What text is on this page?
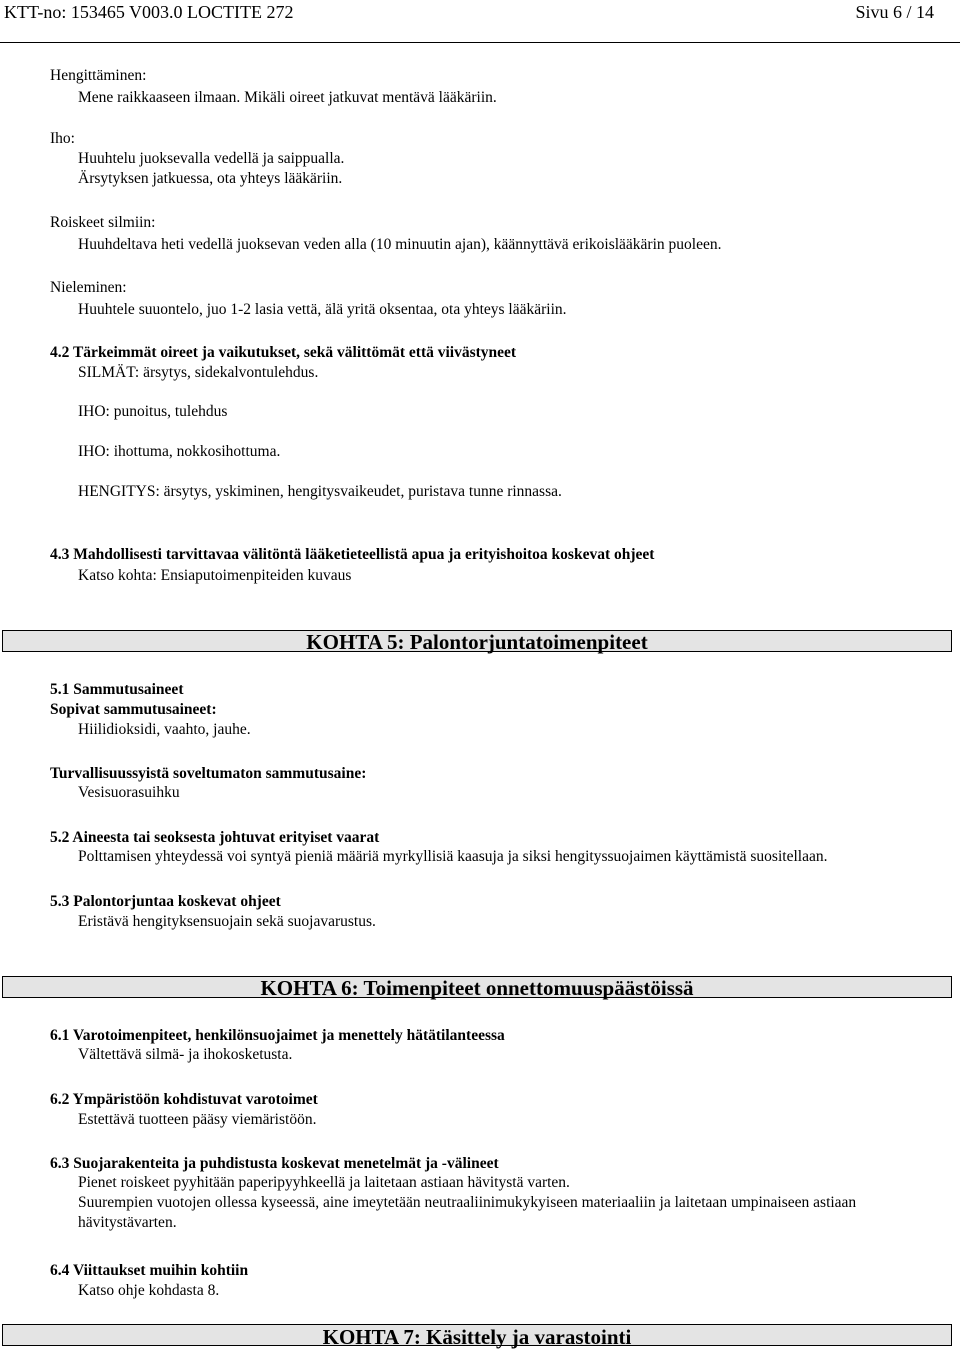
KTT-no: 153465 V003.0 LOCTITE 272	Sivu 6 / 14
Hengittäminen:
Mene raikkaaseen ilmaan. Mikäli oireet jatkuvat mentävä lääkäriin.
Iho:
Huuhtelu juoksevalla vedellä ja saippualla.
Ärsytyksen jatkuessa, ota yhteys lääkäriin.
Roiskeet silmiin:
Huuhdeltava heti vedellä juoksevan veden alla (10 minuutin ajan), käännyttävä erikoislääkärin puoleen.
Nieleminen:
Huuhtele suuontelo, juo 1-2 lasia vettä, älä yritä oksentaa, ota yhteys lääkäriin.
4.2 Tärkeimmät oireet ja vaikutukset, sekä välittömät että viivästyneet
SILMÄT: ärsytys, sidekalvontulehdus.
IHO: punoitus, tulehdus
IHO: ihottuma, nokkosihottuma.
HENGITYS: ärsytys, yskiminen, hengitysvaikeudet, puristava tunne rinnassa.
4.3 Mahdollisesti tarvittavaa välitöntä lääketieteellistä apua ja erityishoitoa koskevat ohjeet
Katso kohta: Ensiaputoimenpiteiden kuvaus
KOHTA 5: Palontorjuntatoimenpiteet
5.1 Sammutusaineet
Sopivat sammutusaineet:
Hiilidioksidi, vaahto, jauhe.
Turvallisuussyistä soveltumaton sammutusaine:
Vesisuorasuihku
5.2 Aineesta tai seoksesta johtuvat erityiset vaarat
Polttamisen yhteydessä voi syntyä pieniä määriä myrkyllisiä kaasuja ja siksi hengityssuojaimen käyttämistä suositellaan.
5.3 Palontorjuntaa koskevat ohjeet
Eristävä hengityksensuojain sekä suojavarustus.
KOHTA 6: Toimenpiteet onnettomuuspäästöissä
6.1 Varotoimenpiteet, henkilönsuojaimet ja menettely hätätilanteessa
Vältettävä silmä- ja ihokosketusta.
6.2 Ympäristöön kohdistuvat varotoimet
Estettävä tuotteen pääsy viemäristöön.
6.3 Suojarakenteita ja puhdistusta koskevat menetelmät ja -välineet
Pienet roiskeet pyyhitään paperipyyhkeellä ja laitetaan astiaan hävitystä varten.
Suurempien vuotojen ollessa kyseessä, aine imeytetään neutraaliinimukykyiseen materiaaliin ja laitetaan umpinaiseen astiaan
hävitystävarten.
6.4 Viittaukset muihin kohtiin
Katso ohje kohdasta 8.
KOHTA 7: Käsittely ja varastointi
